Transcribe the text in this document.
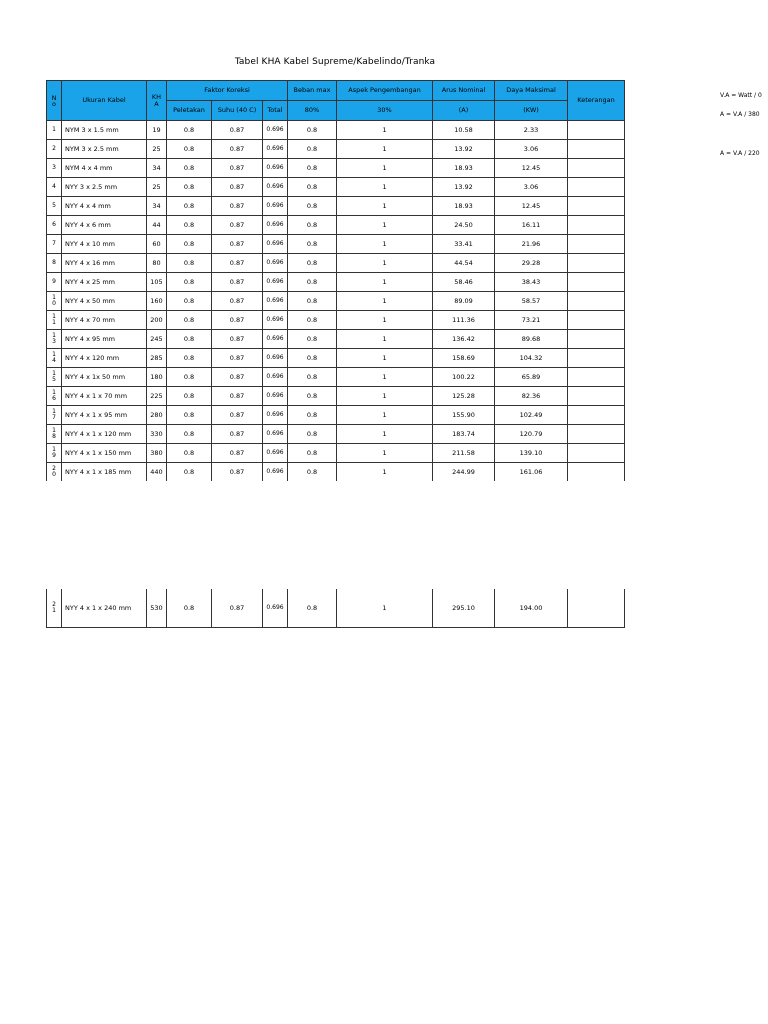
Tabel KHA Kabel Supreme/Kabelindo/Tranka
V.A = Watt / 0
A = V.A / 380
A = V.A / 220
No	Ukuran Kabel	KHA	Faktor Koreksi			Beban max	Aspek Pengembangan	Arus Nominal	Daya Maksimal	Keterangan
			Peletakan	Suhu (40 C)	Total	80%	30%	(A)	(KW)	
1	NYM 3 x 1.5 mm	19	0.8	0.87	0.696	0.8	1	10.58	2.33	
2	NYM 3 x 2.5 mm	25	0.8	0.87	0.696	0.8	1	13.92	3.06	
3	NYM 4 x 4 mm	34	0.8	0.87	0.696	0.8	1	18.93	12.45	
4	NYY 3 x 2.5 mm	25	0.8	0.87	0.696	0.8	1	13.92	3.06	
5	NYY 4 x 4 mm	34	0.8	0.87	0.696	0.8	1	18.93	12.45	
6	NYY 4 x 6 mm	44	0.8	0.87	0.696	0.8	1	24.50	16.11	
7	NYY 4 x 10 mm	60	0.8	0.87	0.696	0.8	1	33.41	21.96	
8	NYY 4 x 16 mm	80	0.8	0.87	0.696	0.8	1	44.54	29.28	
9	NYY 4 x 25 mm	105	0.8	0.87	0.696	0.8	1	58.46	38.43	
10	NYY 4 x 50 mm	160	0.8	0.87	0.696	0.8	1	89.09	58.57	
11	NYY 4 x 70 mm	200	0.8	0.87	0.696	0.8	1	111.36	73.21	
13	NYY 4 x 95 mm	245	0.8	0.87	0.696	0.8	1	136.42	89.68	
14	NYY 4 x 120 mm	285	0.8	0.87	0.696	0.8	1	158.69	104.32	
15	NYY 4 x 1x 50 mm	180	0.8	0.87	0.696	0.8	1	100.22	65.89	
16	NYY 4 x 1 x 70 mm	225	0.8	0.87	0.696	0.8	1	125.28	82.36	
17	NYY 4 x 1 x 95 mm	280	0.8	0.87	0.696	0.8	1	155.90	102.49	
18	NYY 4 x 1 x 120 mm	330	0.8	0.87	0.696	0.8	1	183.74	120.79	
19	NYY 4 x 1 x 150 mm	380	0.8	0.87	0.696	0.8	1	211.58	139.10	
20	NYY 4 x 1 x 185 mm	440	0.8	0.87	0.696	0.8	1	244.99	161.06	
21	NYY 4 x 1 x 240 mm	530	0.8	0.87	0.696	0.8	1	295.10	194.00	
